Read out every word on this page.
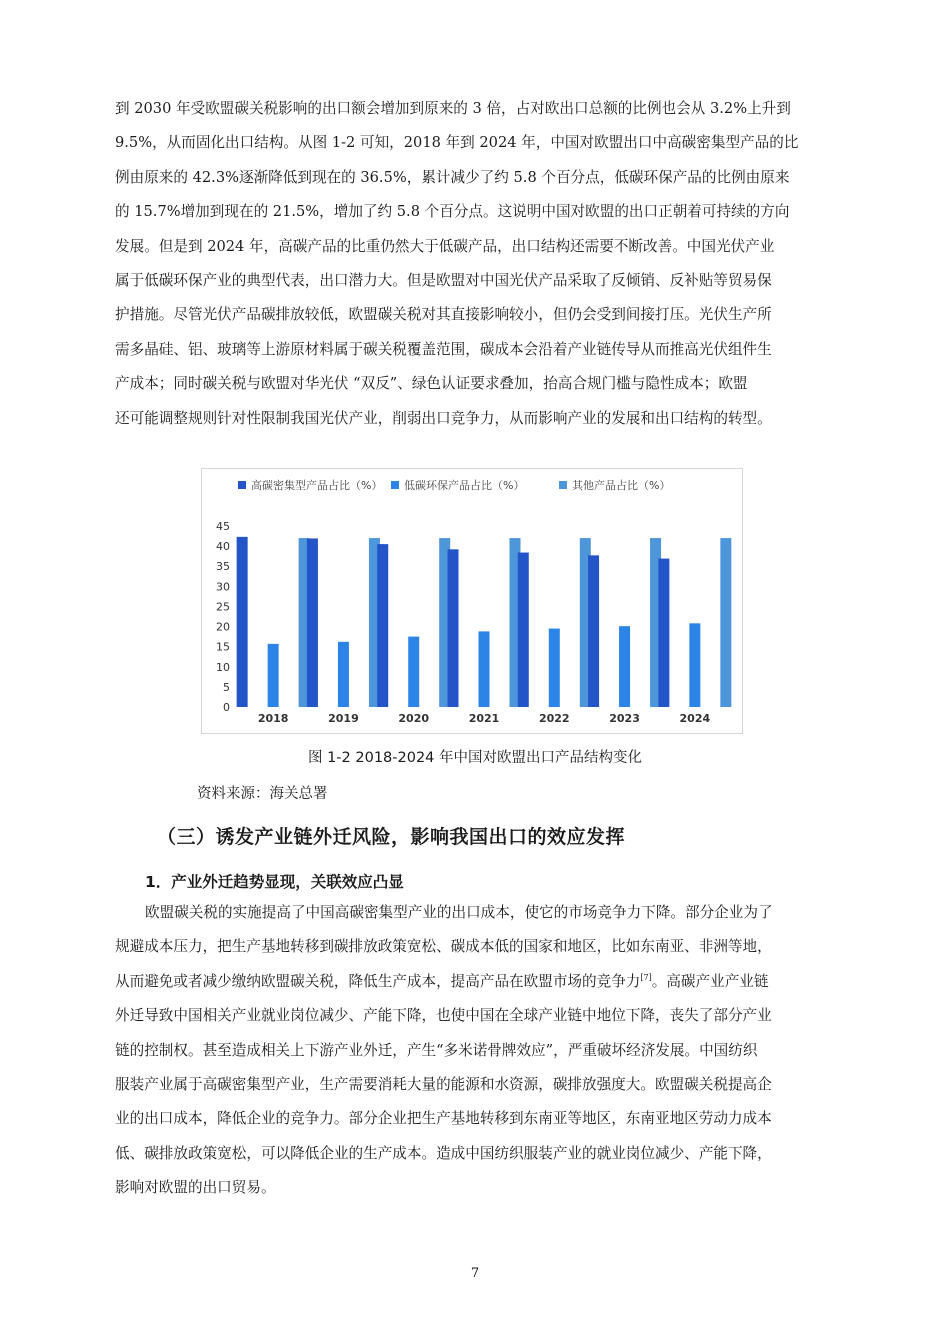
到 2030 年受欧盟碳关税影响的出口额会增加到原来的 3 倍，占对欧出口总额的比例也会从 3.2%上升到
9.5%，从而固化出口结构。从图 1-2 可知，2018 年到 2024 年，中国对欧盟出口中高碳密集型产品的比
例由原来的 42.3%逐渐降低到现在的 36.5%，累计减少了约 5.8 个百分点，低碳环保产品的比例由原来
的 15.7%增加到现在的 21.5%，增加了约 5.8 个百分点。这说明中国对欧盟的出口正朝着可持续的方向
发展。但是到 2024 年，高碳产品的比重仍然大于低碳产品，出口结构还需要不断改善。中国光伏产业
属于低碳环保产业的典型代表，出口潜力大。但是欧盟对中国光伏产品采取了反倾销、反补贴等贸易保
护措施。尽管光伏产品碳排放较低，欧盟碳关税对其直接影响较小，但仍会受到间接打压。光伏生产所
需多晶硅、铝、玻璃等上游原材料属于碳关税覆盖范围，碳成本会沿着产业链传导从而推高光伏组件生
产成本；同时碳关税与欧盟对华光伏 “双反”、绿色认证要求叠加，抬高合规门槛与隐性成本；欧盟
还可能调整规则针对性限制我国光伏产业，削弱出口竞争力，从而影响产业的发展和出口结构的转型。
高碳密集型产品占比（%） 低碳环保产品占比（%）	其他产品占比（%）
0
5
10
15
20
25
30
35
40
45
2018	2019	2020	2021	2022	2023	2024
图 1-2 2018-2024 年中国对欧盟出口产品结构变化
资料来源：海关总署
（三）诱发产业链外迁风险，影响我国出口的效应发挥
1．产业外迁趋势显现，关联效应凸显
欧盟碳关税的实施提高了中国高碳密集型产业的出口成本，使它的市场竞争力下降。部分企业为了
规避成本压力，把生产基地转移到碳排放政策宽松、碳成本低的国家和地区，比如东南亚、非洲等地，
从而避免或者减少缴纳欧盟碳关税，降低生产成本，提高产品在欧盟市场的竞争力[7]。高碳产业产业链
外迁导致中国相关产业就业岗位减少、产能下降，也使中国在全球产业链中地位下降，丧失了部分产业
链的控制权。甚至造成相关上下游产业外迁，产生“多米诺骨牌效应”，严重破坏经济发展。中国纺织
服装产业属于高碳密集型产业，生产需要消耗大量的能源和水资源，碳排放强度大。欧盟碳关税提高企
业的出口成本，降低企业的竞争力。部分企业把生产基地转移到东南亚等地区，东南亚地区劳动力成本
低、碳排放政策宽松，可以降低企业的生产成本。造成中国纺织服装产业的就业岗位减少、产能下降，
影响对欧盟的出口贸易。
7
